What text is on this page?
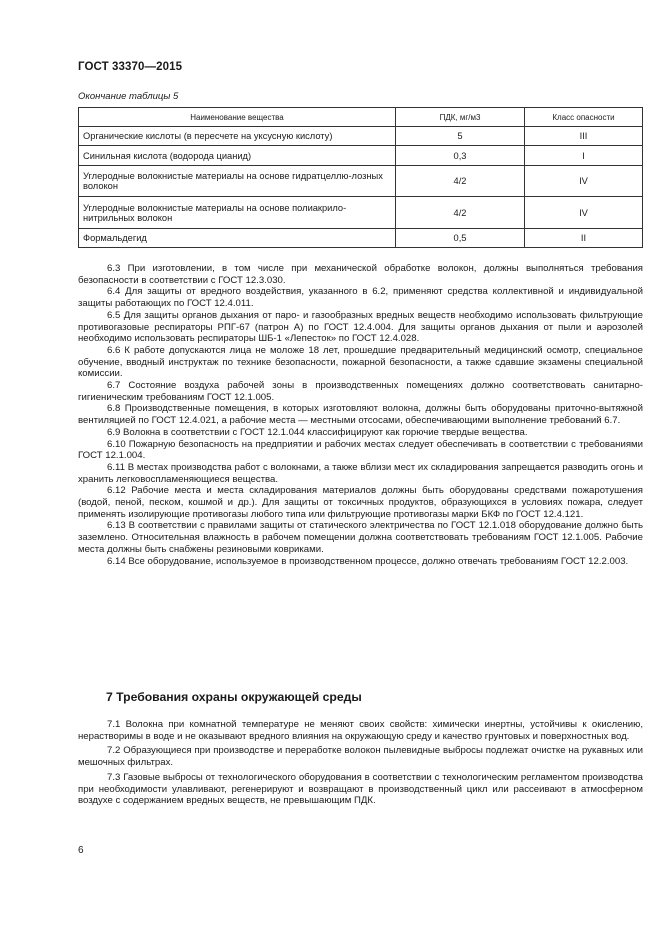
ГОСТ 33370—2015
Окончание таблицы 5
Наименование вещества	ПДК, мг/м3	Класс опасности
Органические кислоты (в пересчете на уксусную кислоту)	5	III
Синильная кислота (водорода цианид)	0,3	I
Углеродные волокнистые материалы на основе гидратцеллю-лозных волокон	4/2	IV
Углеродные волокнистые материалы на основе полиакрило-нитрильных волокон	4/2	IV
Формальдегид	0,5	II

6.3 При изготовлении, в том числе при механической обработке волокон, должны выполняться требования безопасности в соответствии с ГОСТ 12.3.030.

6.4 Для защиты от вредного воздействия, указанного в 6.2, применяют средства коллективной и индивидуальной защиты работающих по ГОСТ 12.4.011.

6.5 Для защиты органов дыхания от паро- и газообразных вредных веществ необходимо использовать фильтрующие противогазовые респираторы РПГ-67 (патрон А) по ГОСТ 12.4.004. Для защиты органов дыхания от пыли и аэрозолей необходимо использовать респираторы ШБ-1 «Лепесток» по ГОСТ 12.4.028.

6.6 К работе допускаются лица не моложе 18 лет, прошедшие предварительный медицинский осмотр, специальное обучение, вводный инструктаж по технике безопасности, пожарной безопасности, а также сдавшие экзамены специальной комиссии.

6.7 Состояние воздуха рабочей зоны в производственных помещениях должно соответствовать санитарно-гигиеническим требованиям ГОСТ 12.1.005.

6.8 Производственные помещения, в которых изготовляют волокна, должны быть оборудованы приточно-вытяжной вентиляцией по ГОСТ 12.4.021, а рабочие места — местными отсосами, обеспечивающими выполнение требований 6.7.

6.9 Волокна в соответствии с ГОСТ 12.1.044 классифицируют как горючие твердые вещества.

6.10 Пожарную безопасность на предприятии и рабочих местах следует обеспечивать в соответствии с требованиями ГОСТ 12.1.004.

6.11 В местах производства работ с волокнами, а также вблизи мест их складирования запрещается разводить огонь и хранить легковоспламеняющиеся вещества.

6.12 Рабочие места и места складирования материалов должны быть оборудованы средствами пожаротушения (водой, пеной, песком, кошмой и др.). Для защиты от токсичных продуктов, образующихся в условиях пожара, следует применять изолирующие противогазы любого типа или фильтрующие противогазы марки БКФ по ГОСТ 12.4.121.

6.13 В соответствии с правилами защиты от статического электричества по ГОСТ 12.1.018 оборудование должно быть заземлено. Относительная влажность в рабочем помещении должна соответствовать требованиям ГОСТ 12.1.005. Рабочие места должны быть снабжены резиновыми ковриками.

6.14 Все оборудование, используемое в производственном процессе, должно отвечать требованиям ГОСТ 12.2.003.

7 Требования охраны окружающей среды

7.1 Волокна при комнатной температуре не меняют своих свойств: химически инертны, устойчивы к окислению, нерастворимы в воде и не оказывают вредного влияния на окружающую среду и качество грунтовых и поверхностных вод.

7.2 Образующиеся при производстве и переработке волокон пылевидные выбросы подлежат очистке на рукавных или мешочных фильтрах.

7.3 Газовые выбросы от технологического оборудования в соответствии с технологическим регламентом производства при необходимости улавливают, регенерируют и возвращают в производственный цикл или рассеивают в атмосферном воздухе с содержанием вредных веществ, не превышающим ПДК.

6
